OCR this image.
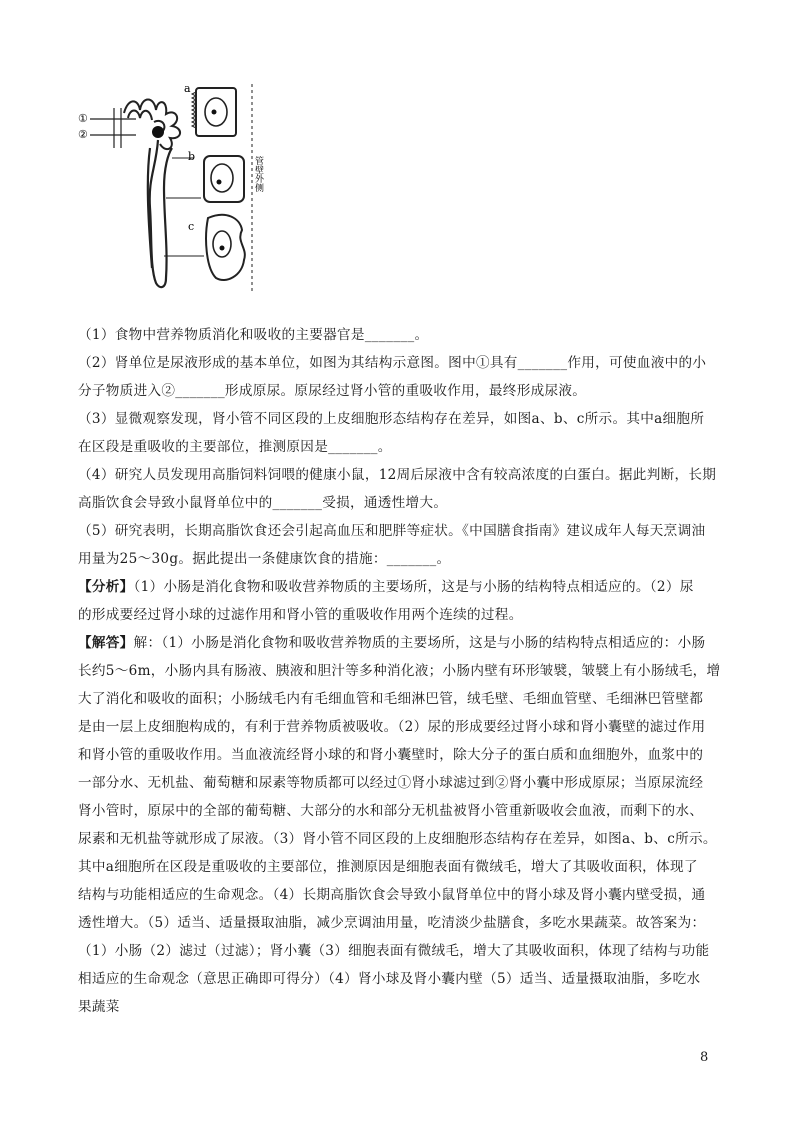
①
②
a
b
c
管壁外侧
（1）食物中营养物质消化和吸收的主要器官是_______。
（2）肾单位是尿液形成的基本单位，如图为其结构示意图。图中①具有_______作用，可使血液中的小
分子物质进入②_______形成原尿。原尿经过肾小管的重吸收作用，最终形成尿液。
（3）显微观察发现，肾小管不同区段的上皮细胞形态结构存在差异，如图a、b、c所示。其中a细胞所
在区段是重吸收的主要部位，推测原因是_______。
（4）研究人员发现用高脂饲料饲喂的健康小鼠，12周后尿液中含有较高浓度的白蛋白。据此判断，长期
高脂饮食会导致小鼠肾单位中的_______受损，通透性增大。
（5）研究表明，长期高脂饮食还会引起高血压和肥胖等症状。《中国膳食指南》建议成年人每天烹调油
用量为25～30g。据此提出一条健康饮食的措施：_______。
【分析】（1）小肠是消化食物和吸收营养物质的主要场所，这是与小肠的结构特点相适应的。（2）尿
的形成要经过肾小球的过滤作用和肾小管的重吸收作用两个连续的过程。
【解答】解：（1）小肠是消化食物和吸收营养物质的主要场所，这是与小肠的结构特点相适应的：小肠
长约5～6m，小肠内具有肠液、胰液和胆汁等多种消化液；小肠内壁有环形皱襞，皱襞上有小肠绒毛，增
大了消化和吸收的面积；小肠绒毛内有毛细血管和毛细淋巴管，绒毛壁、毛细血管壁、毛细淋巴管壁都
是由一层上皮细胞构成的，有利于营养物质被吸收。（2）尿的形成要经过肾小球和肾小囊壁的滤过作用
和肾小管的重吸收作用。当血液流经肾小球的和肾小囊壁时，除大分子的蛋白质和血细胞外，血浆中的
一部分水、无机盐、葡萄糖和尿素等物质都可以经过①肾小球滤过到②肾小囊中形成原尿；当原尿流经
肾小管时，原尿中的全部的葡萄糖、大部分的水和部分无机盐被肾小管重新吸收会血液，而剩下的水、
尿素和无机盐等就形成了尿液。（3）肾小管不同区段的上皮细胞形态结构存在差异，如图a、b、c所示。
其中a细胞所在区段是重吸收的主要部位，推测原因是细胞表面有微绒毛，增大了其吸收面积，体现了
结构与功能相适应的生命观念。（4）长期高脂饮食会导致小鼠肾单位中的肾小球及肾小囊内壁受损，通
透性增大。（5）适当、适量摄取油脂，减少烹调油用量，吃清淡少盐膳食，多吃水果蔬菜。故答案为：
（1）小肠（2）滤过（过滤）；肾小囊（3）细胞表面有微绒毛，增大了其吸收面积，体现了结构与功能
相适应的生命观念（意思正确即可得分）（4）肾小球及肾小囊内壁（5）适当、适量摄取油脂，多吃水
果蔬菜
8
